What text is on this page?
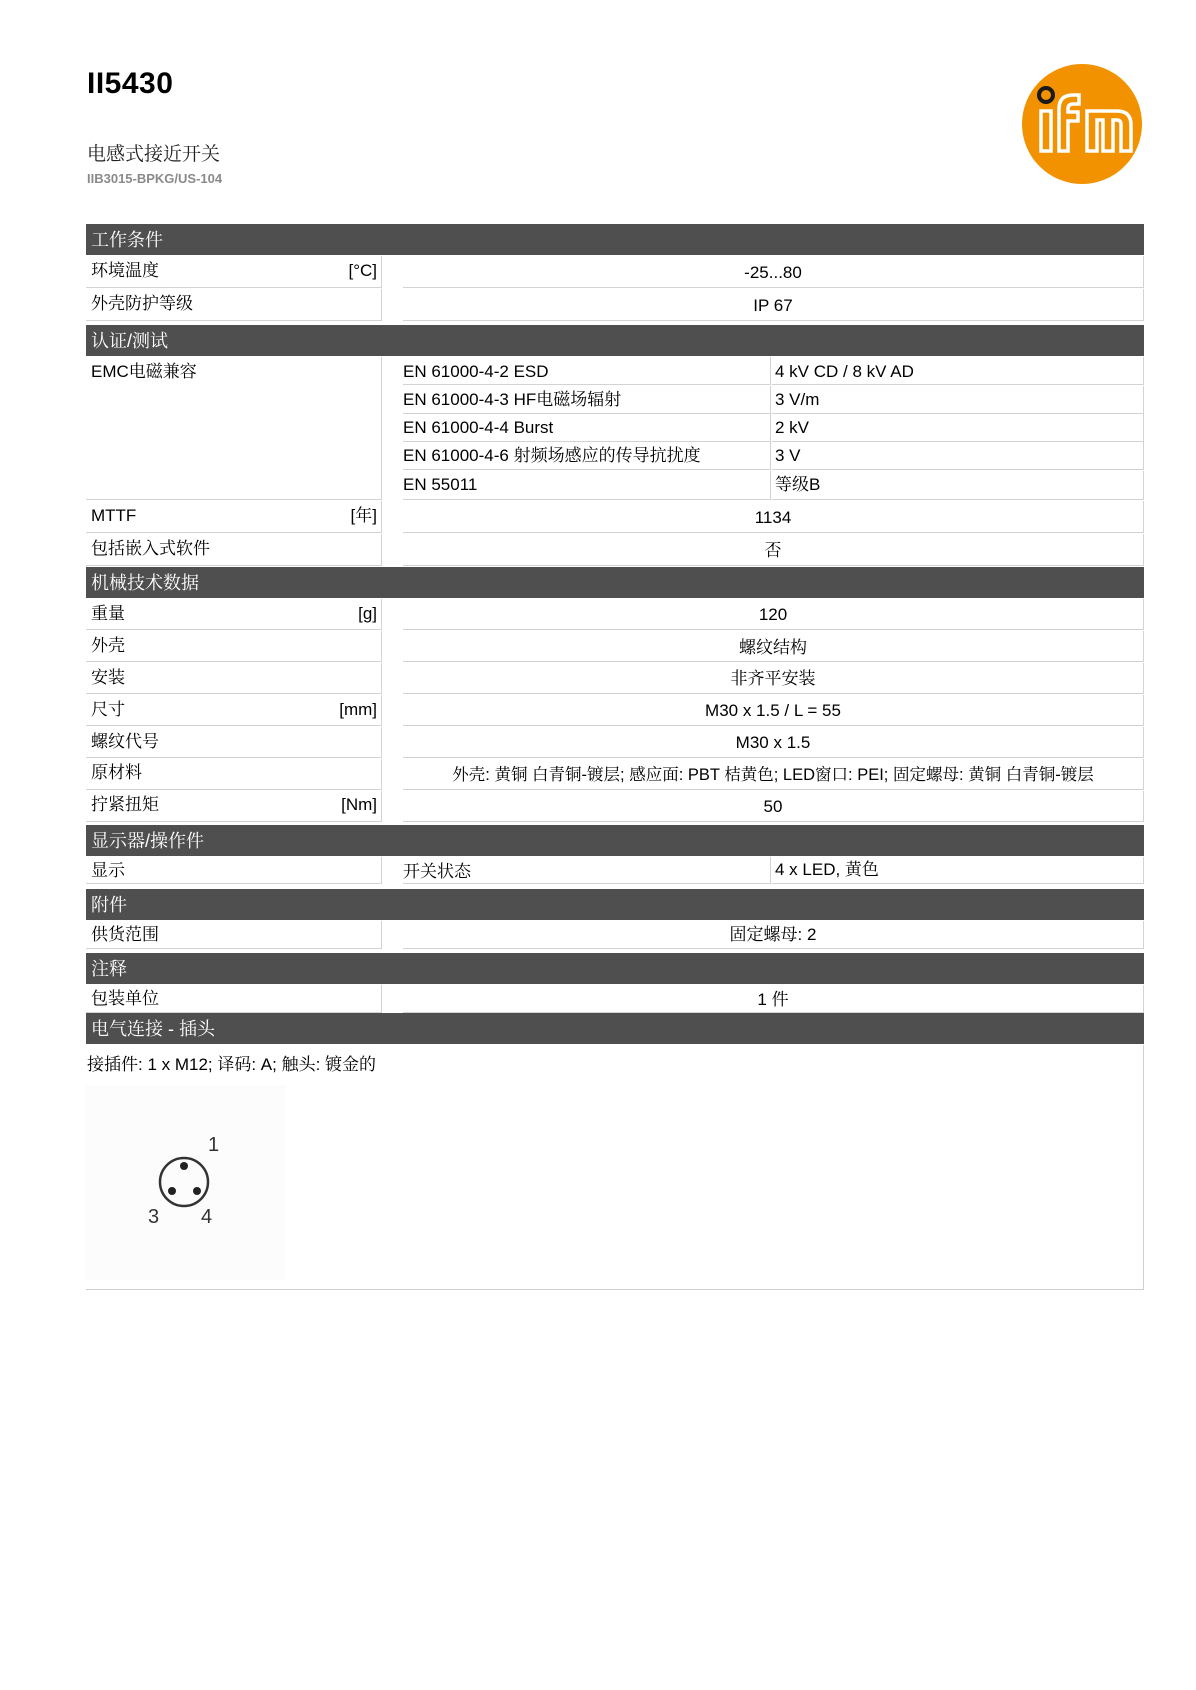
II5430
电感式接近开关
IIB3015-BPKG/US-104
工作条件
环境温度	[°C]	-25...80
外壳防护等级	IP 67
认证/测试
EMC电磁兼容	EN 61000-4-2 ESD	4 kV CD / 8 kV AD
EN 61000-4-3 HF电磁场辐射	3 V/m
EN 61000-4-4 Burst	2 kV
EN 61000-4-6 射频场感应的传导抗扰度	3 V
EN 55011	等级B
MTTF	[年]	1134
包括嵌入式软件	否
机械技术数据
重量	[g]	120
外壳	螺纹结构
安装	非齐平安装
尺寸	[mm]	M30 x 1.5 / L = 55
螺纹代号	M30 x 1.5
原材料	外壳: 黄铜 白青铜-镀层; 感应面: PBT 桔黄色; LED窗口: PEI; 固定螺母: 黄铜 白青铜-镀层
拧紧扭矩	[Nm]	50
显示器/操作件
显示	开关状态	4 x LED, 黄色
附件
供货范围	固定螺母: 2
注释
包装单位	1 件
电气连接 - 插头
接插件: 1 x M12; 译码: A; 触头: 镀金的
1
3 4
